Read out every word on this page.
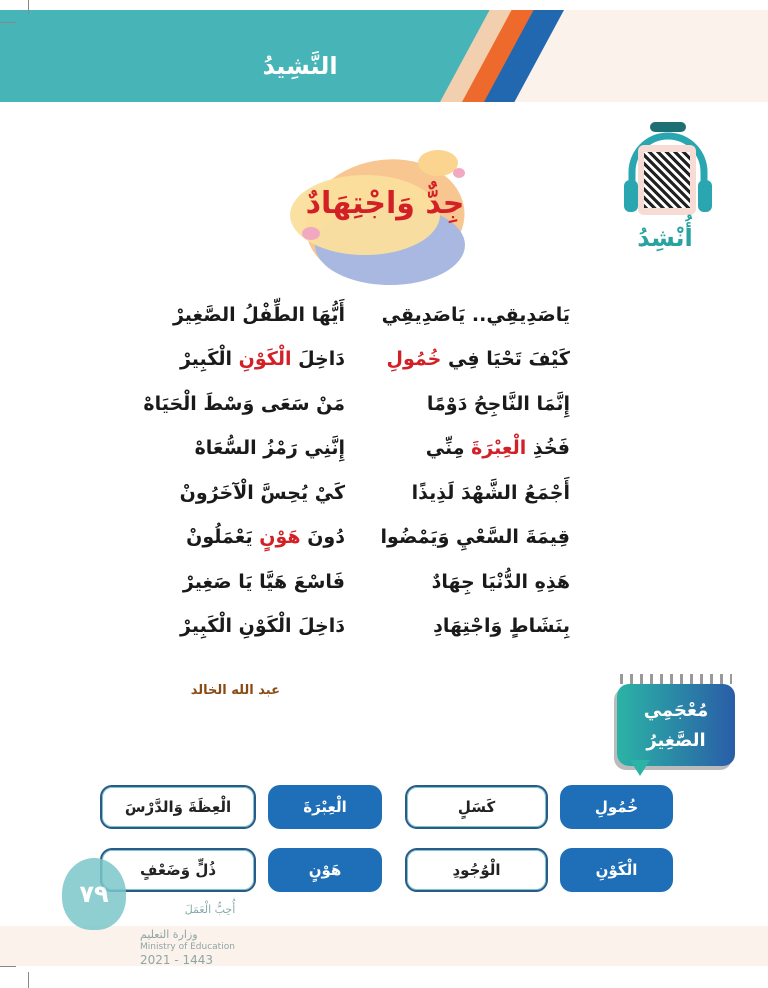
النَّشِيدُ
جِدٌّ وَاجْتِهَادٌ
أُنْشِدُ
يَاصَدِيقِي.. يَاصَدِيقِي
أَيُّهَا الطِّفْلُ الصَّغِيرْ
كَيْفَ تَحْيَا فِي خُمُولِ
دَاخِلَ الْكَوْنِ الْكَبِيرْ
إِنَّمَا النَّاجِحُ دَوْمًا
مَنْ سَعَى وَسْطَ الْحَيَاهْ
فَخُذِ الْعِبْرَةَ مِنِّي
إِنَّنِي رَمْزُ السُّعَاهْ
أَجْمَعُ الشَّهْدَ لَذِيذًا
كَيْ يُحِسَّ الْآخَرُونْ
قِيمَةَ السَّعْيِ وَيَمْضُوا
دُونَ هَوْنٍ يَعْمَلُونْ
هَذِهِ الدُّنْيَا جِهَادٌ
فَاسْعَ هَيَّا يَا صَغِيرْ
بِنَشَاطٍ وَاجْتِهَادِ
دَاخِلَ الْكَوْنِ الْكَبِيرْ
عبد الله الخالد
مُعْجَمِي الصَّغِيرُ
خُمُولِ
كَسَلٍ
الْعِبْرَةَ
الْعِظَةَ وَالدَّرْسَ
الْكَوْنِ
الْوُجُودِ
هَوْنٍ
ذُلٍّ وَضَعْفٍ
٧٩
أُحِبُّ الْعَمَلَ
وزارة التعليم
Ministry of Education
2021 - 1443
